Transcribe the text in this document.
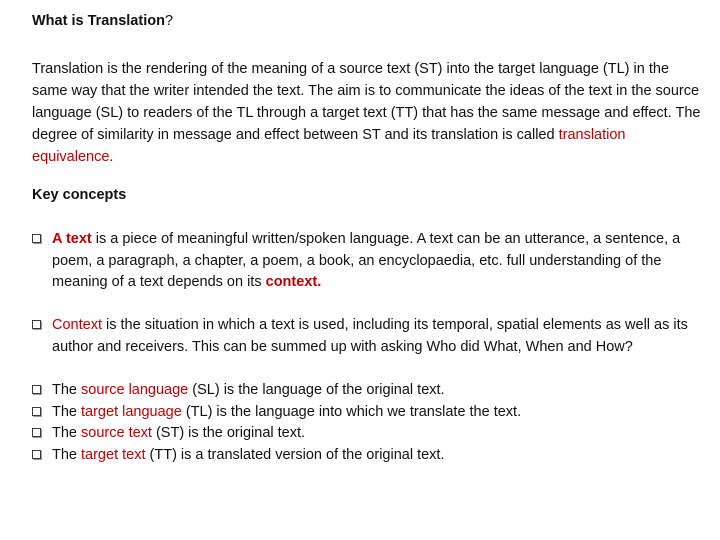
What is Translation?
Translation is the rendering of the meaning of a source text (ST) into the target language (TL) in the same way that the writer intended the text. The aim is to communicate the ideas of the text in the source language (SL) to readers of the TL through a target text (TT) that has the same message and effect. The degree of similarity in message and effect between ST and its translation is called translation equivalence.
Key concepts
A text is a piece of meaningful written/spoken language. A text can be an utterance, a sentence, a poem, a paragraph, a chapter, a poem, a book, an encyclopaedia, etc. full understanding of the meaning of a text depends on its context.
Context is the situation in which a text is used, including its temporal, spatial elements as well as its author and receivers. This can be summed up with asking Who did What, When and How?
The source language (SL) is the language of the original text.
The target language (TL) is the language into which we translate the text.
The source text (ST) is the original text.
The target text (TT) is a translated version of the original text.
